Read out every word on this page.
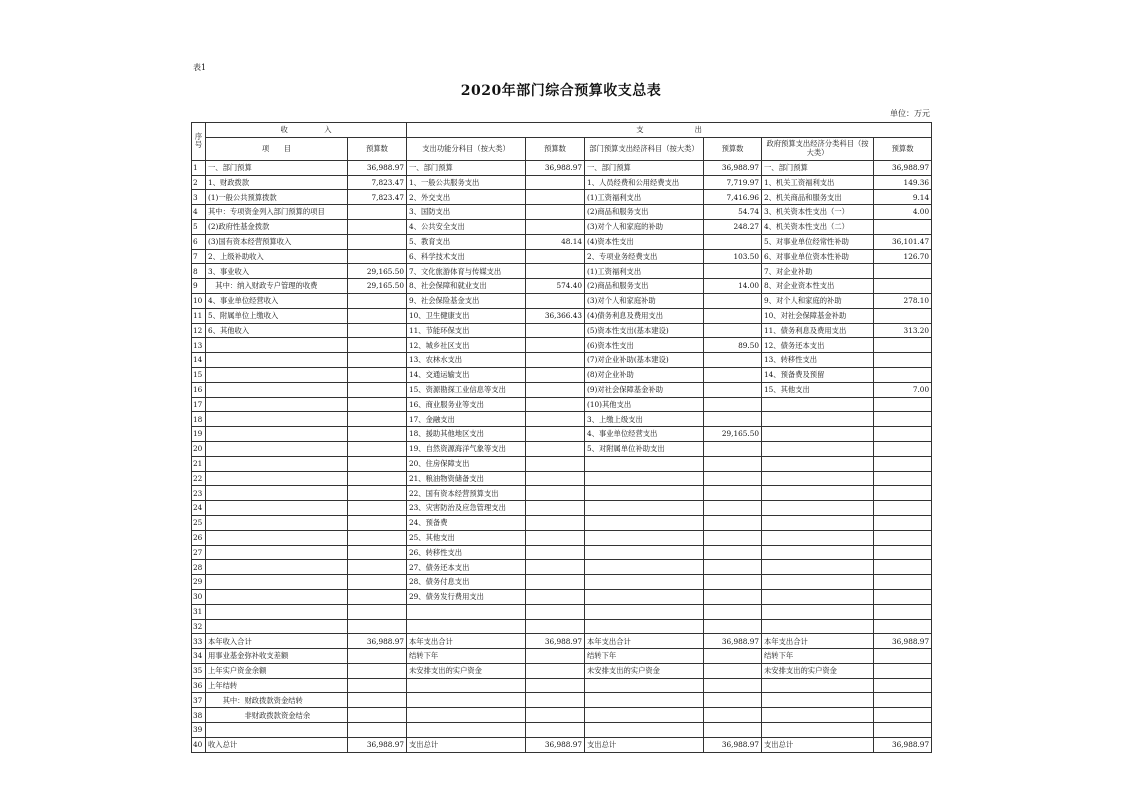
表1
2020年部门综合预算收支总表
单位：万元
序号	收　　　　　入		支　　　　　　　出					
	项　　目	预算数	支出功能分科目（按大类）	预算数	部门预算支出经济科目（按大类）	预算数	政府预算支出经济分类科目（按大类）	预算数
1	一、部门预算	36,988.97	一、部门预算	36,988.97	一、部门预算	36,988.97	一、部门预算	36,988.97
2	1、财政拨款	7,823.47	1、一般公共服务支出		1、人员经费和公用经费支出	7,719.97	1、机关工资福利支出	149.36
3	(1)一般公共预算拨款	7,823.47	2、外交支出		(1)工资福利支出	7,416.96	2、机关商品和服务支出	9.14
4	其中：专项资金列入部门预算的项目		3、国防支出		(2)商品和服务支出	54.74	3、机关资本性支出（一）	4.00
5	(2)政府性基金拨款		4、公共安全支出		(3)对个人和家庭的补助	248.27	4、机关资本性支出（二）	
6	(3)国有资本经营预算收入		5、教育支出	48.14	(4)资本性支出		5、对事业单位经常性补助	36,101.47
7	2、上级补助收入		6、科学技术支出		2、专项业务经费支出	103.50	6、对事业单位资本性补助	126.70
8	3、事业收入	29,165.50	7、文化旅游体育与传媒支出		(1)工资福利支出		7、对企业补助	
9	　其中：纳入财政专户管理的收费	29,165.50	8、社会保障和就业支出	574.40	(2)商品和服务支出	14.00	8、对企业资本性支出	
10	4、事业单位经营收入		9、社会保险基金支出		(3)对个人和家庭补助		9、对个人和家庭的补助	278.10
11	5、附属单位上缴收入		10、卫生健康支出	36,366.43	(4)债务利息及费用支出		10、对社会保障基金补助	
12	6、其他收入		11、节能环保支出		(5)资本性支出(基本建设)		11、债务利息及费用支出	313.20
13			12、城乡社区支出		(6)资本性支出	89.50	12、债务还本支出	
14			13、农林水支出		(7)对企业补助(基本建设)		13、转移性支出	
15			14、交通运输支出		(8)对企业补助		14、预备费及预留	
16			15、资源勘探工业信息等支出		(9)对社会保障基金补助		15、其他支出	7.00
17			16、商业服务业等支出		(10)其他支出			
18			17、金融支出		3、上缴上级支出			
19			18、援助其他地区支出		4、事业单位经营支出	29,165.50		
20			19、自然资源海洋气象等支出		5、对附属单位补助支出			
21			20、住房保障支出					
22			21、粮油物资储备支出					
23			22、国有资本经营预算支出					
24			23、灾害防治及应急管理支出					
25			24、预备费					
26			25、其他支出					
27			26、转移性支出					
28			27、债务还本支出					
29			28、债务付息支出					
30			29、债务发行费用支出					
31								
32								
33	本年收入合计	36,988.97	本年支出合计	36,988.97	本年支出合计	36,988.97	本年支出合计	36,988.97
34	用事业基金弥补收支差额		结转下年		结转下年		结转下年	
35	上年实户资金余额		未安排支出的实户资金		未安排支出的实户资金		未安排支出的实户资金	
36	上年结转							
37	　　其中：财政拨款资金结转							
38	　　　　　非财政拨款资金结余							
39								
40	收入总计	36,988.97	支出总计	36,988.97	支出总计	36,988.97	支出总计	36,988.97
